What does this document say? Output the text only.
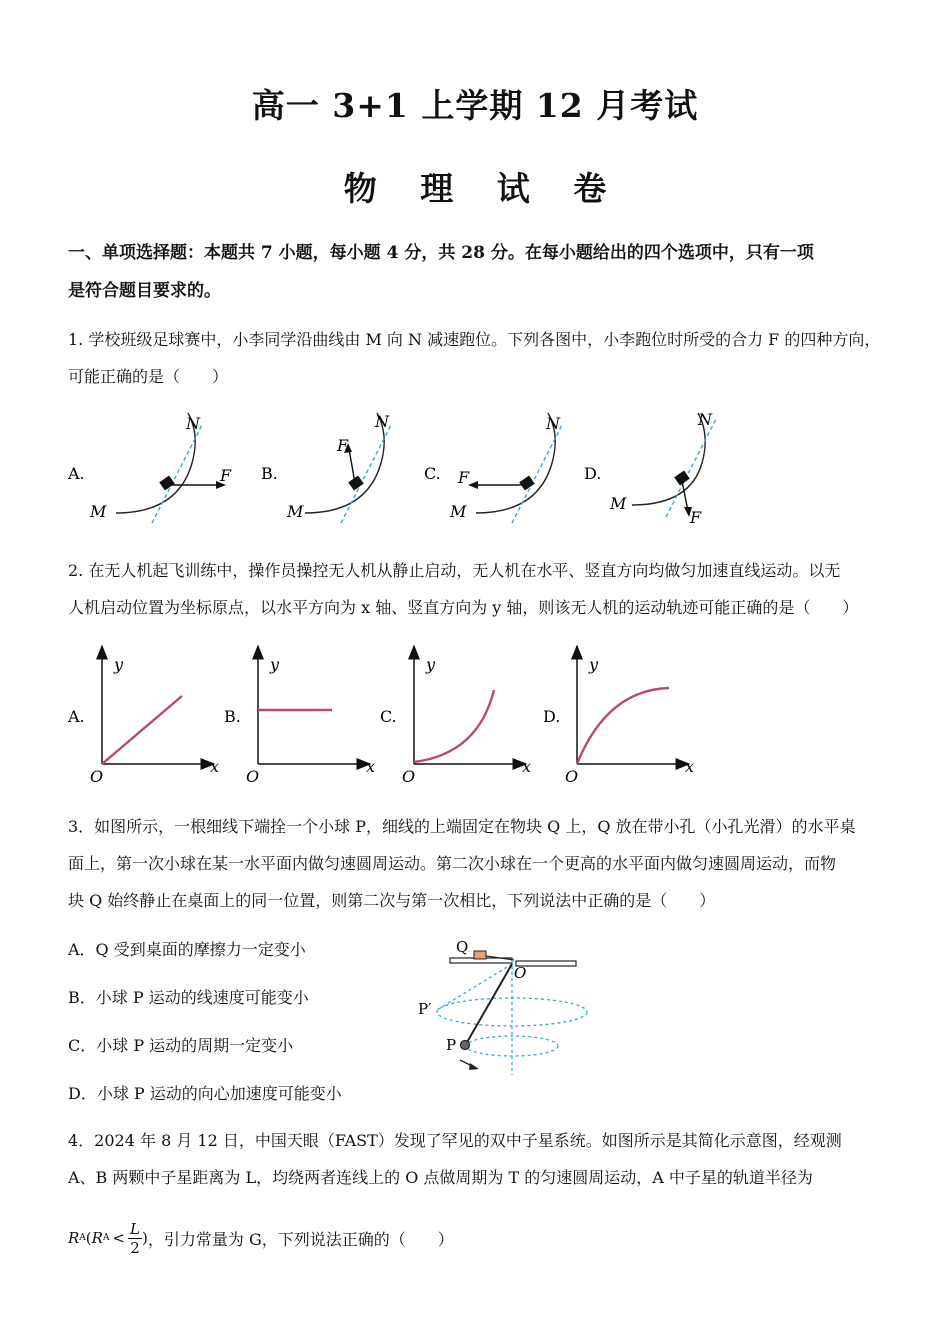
高一 3+1 上学期 12 月考试
物 理 试 卷
一、单项选择题：本题共 7 小题，每小题 4 分，共 28 分。在每小题给出的四个选项中，只有一项
是符合题目要求的。
1. 学校班级足球赛中，小李同学沿曲线由 M 向 N 减速跑位。下列各图中，小李跑位时所受的合力 F 的四种方向，
可能正确的是（　　）
A.
M
N
F B.
M
N
F
C.
M
N
F	D.
M
N
F
2. 在无人机起飞训练中，操作员操控无人机从静止启动，无人机在水平、竖直方向均做匀加速直线运动。以无
人机启动位置为坐标原点，以水平方向为 x 轴、竖直方向为 y 轴，则该无人机的运动轨迹可能正确的是（　　）
A.
y
x
O
B.
y
x
O
C.
y
x
O
D.
y
x
O
3．如图所示，一根细线下端拴一个小球 P，细线的上端固定在物块 Q 上，Q 放在带小孔（小孔光滑）的水平桌
面上，第一次小球在某一水平面内做匀速圆周运动。第二次小球在一个更高的水平面内做匀速圆周运动，而物
块 Q 始终静止在桌面上的同一位置，则第二次与第一次相比，下列说法中正确的是（　　）
A．Q 受到桌面的摩擦力一定变小
B．小球 P 运动的线速度可能变小
C．小球 P 运动的周期一定变小
D．小球 P 运动的向心加速度可能变小
Q
O
P′
P
4．2024 年 8 月 12 日，中国天眼（FAST）发现了罕见的双中子星系统。如图所示是其简化示意图，经观测
A、B 两颗中子星距离为 L，均绕两者连线上的 O 点做周期为 T 的匀速圆周运动，A 中子星的轨道半径为
R A ( R A <
L
2
) ，引力常量为 G，下列说法正确的（　　）
